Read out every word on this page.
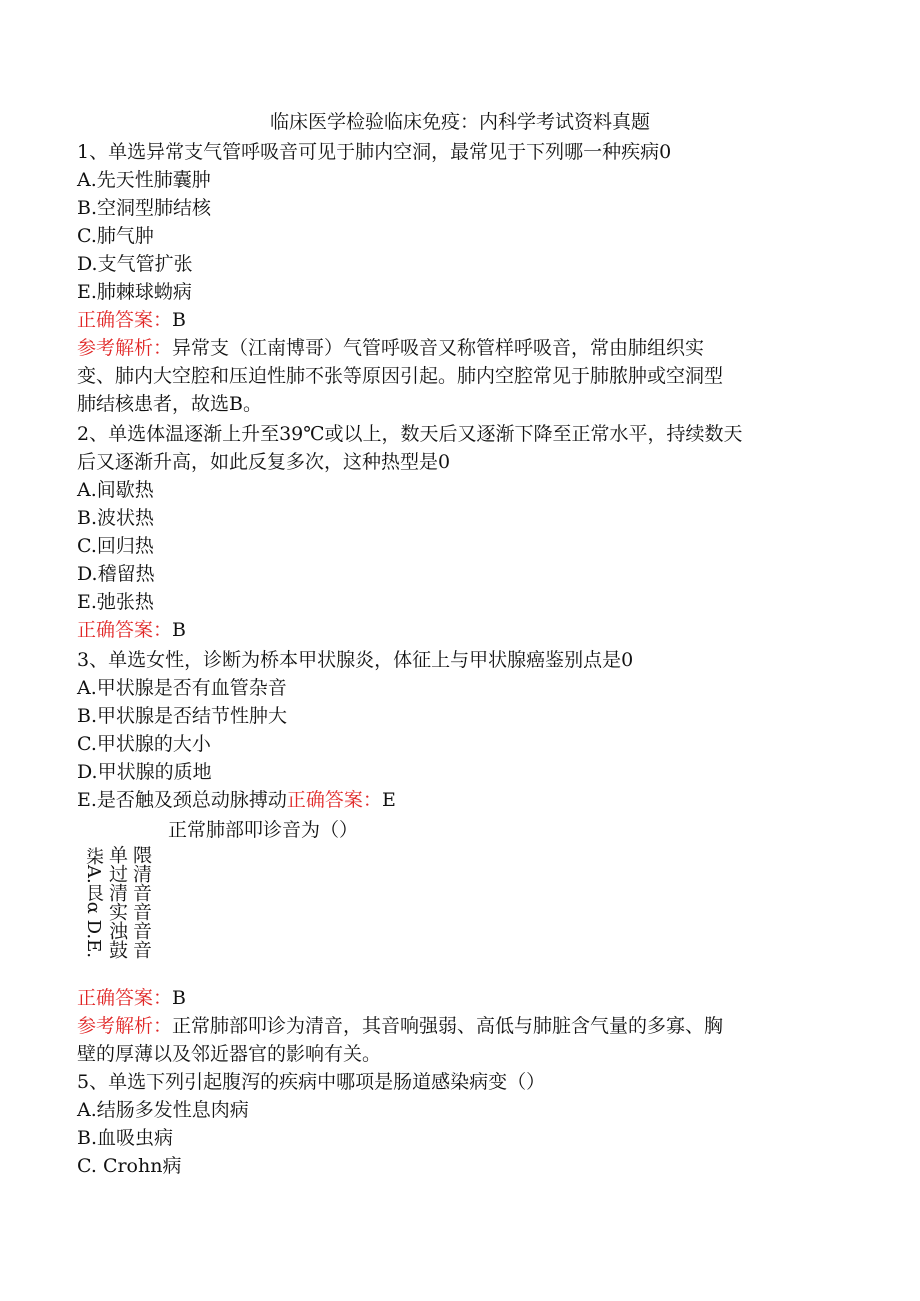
临床医学检验临床免疫：内科学考试资料真题
1、单选异常支气管呼吸音可见于肺内空洞，最常见于下列哪一种疾病0
A.先天性肺囊肿
B.空洞型肺结核
C.肺气肿
D.支气管扩张
E.肺棘球蚴病
正确答案：B
参考解析：异常支（江南博哥）气管呼吸音又称管样呼吸音，常由肺组织实
变、肺内大空腔和压迫性肺不张等原因引起。肺内空腔常见于肺脓肿或空洞型
肺结核患者，故选B。
2、单选体温逐渐上升至39℃或以上，数天后又逐渐下降至正常水平，持续数天
后又逐渐升高，如此反复多次，这种热型是0
A.间歇热
B.波状热
C.回归热
D.稽留热
E.弛张热
正确答案：B
3、单选女性，诊断为桥本甲状腺炎，体征上与甲状腺癌鉴别点是0
A.甲状腺是否有血管杂音
B.甲状腺是否结节性肿大
C.甲状腺的大小
D.甲状腺的质地
E.是否触及颈总动脉搏动正确答案：E
正常肺部叩诊音为（）
柒A.艮α D.E. 单过清实浊鼓 隈清音音音音
正确答案：B
参考解析：正常肺部叩诊为清音，其音响强弱、高低与肺脏含气量的多寡、胸
壁的厚薄以及邻近器官的影响有关。
5、单选下列引起腹泻的疾病中哪项是肠道感染病变（）
A.结肠多发性息肉病
B.血吸虫病
C. Crohn病
